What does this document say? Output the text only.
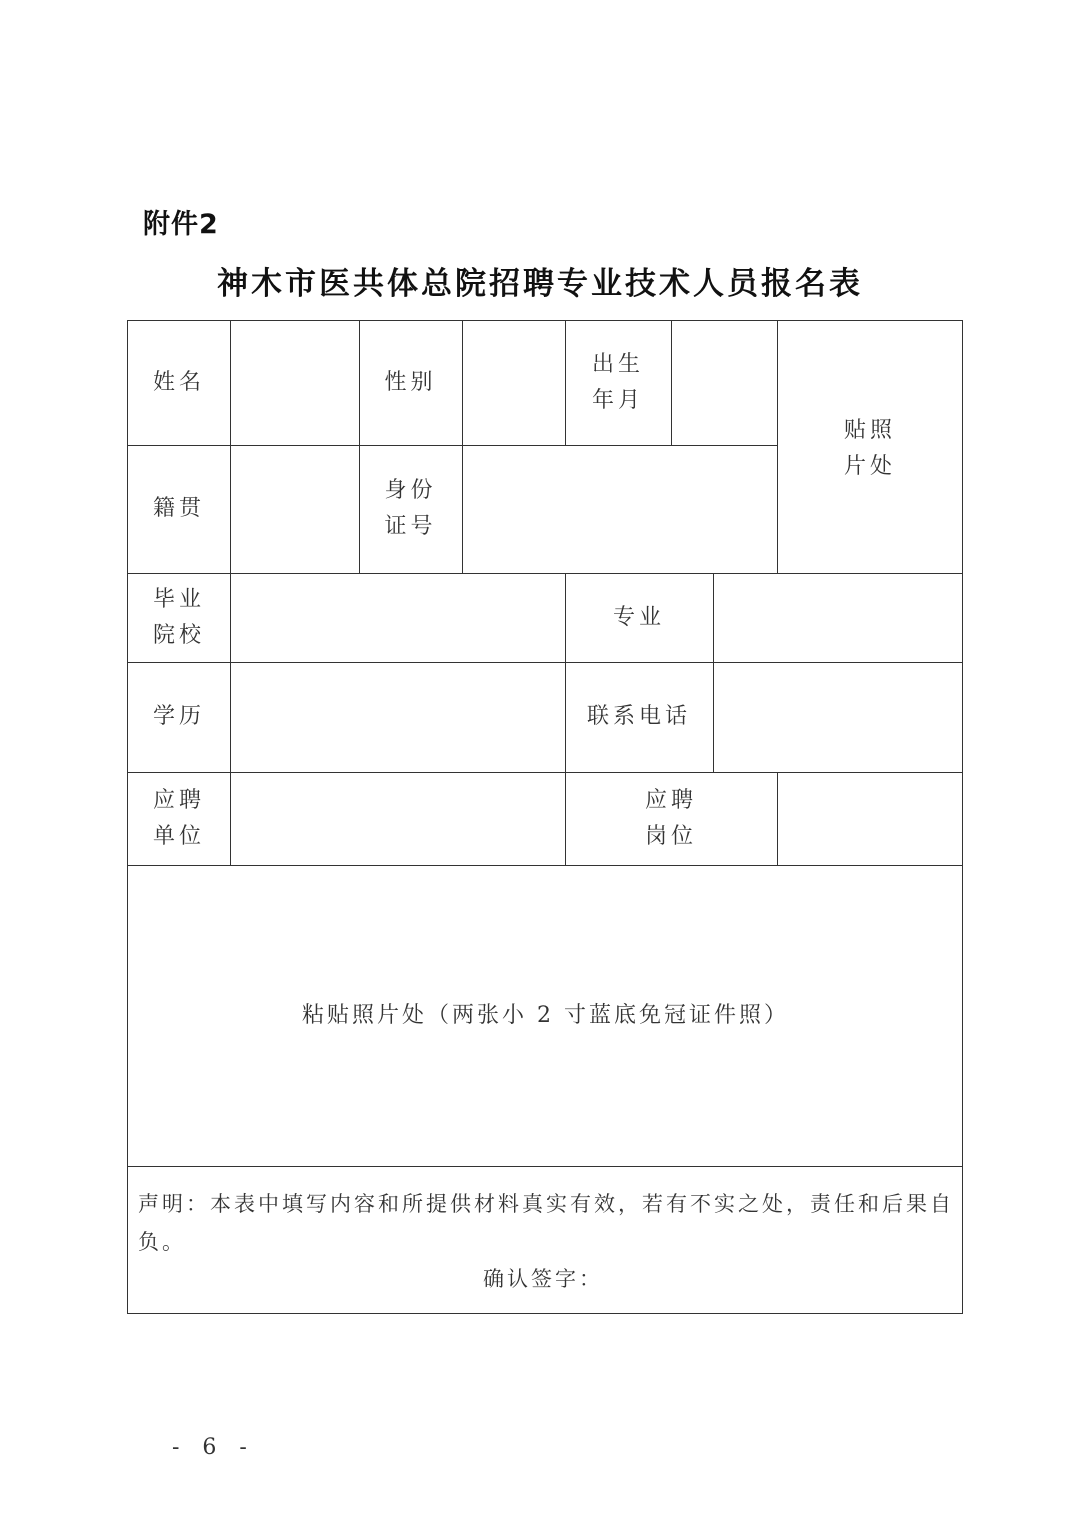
附件2
神木市医共体总院招聘专业技术人员报名表
姓名	性别
出生
年月
贴照
片处
籍贯
身份
证号
毕业
院校
专业
学历	联系电话
应聘
单位
应聘
岗位
粘贴照片处（两张小 2 寸蓝底免冠证件照）
声明：本表中填写内容和所提供材料真实有效，若有不实之处，责任和后果自负。
确认签字：
- 6 -
